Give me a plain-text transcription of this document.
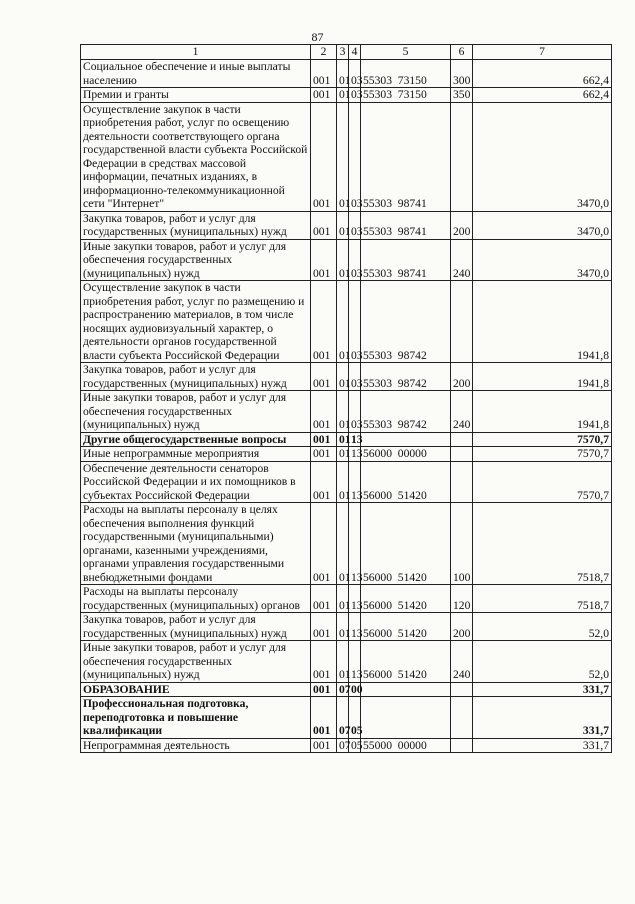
87
1	2	3	4	5	6	7
Социальное обеспечение и иные выплаты населению	001	01	03	55303  73150	300	662,4
Премии и гранты	001	01	03	55303  73150	350	662,4
Осуществление закупок в части приобретения работ, услуг по освещению деятельности соответствующего органа государственной власти субъекта Российской Федерации в средствах массовой информации, печатных изданиях, в информационно-телекоммуникационной сети "Интернет"	001	01	03	55303  98741		3470,0
Закупка товаров, работ и услуг для государственных (муниципальных) нужд	001	01	03	55303  98741	200	3470,0
Иные закупки товаров, работ и услуг для обеспечения государственных (муниципальных) нужд	001	01	03	55303  98741	240	3470,0
Осуществление закупок в части приобретения работ, услуг по размещению и распространению материалов, в том числе носящих аудиовизуальный характер, о деятельности органов государственной власти субъекта Российской Федерации	001	01	03	55303  98742		1941,8
Закупка товаров, работ и услуг для государственных (муниципальных) нужд	001	01	03	55303  98742	200	1941,8
Иные закупки товаров, работ и услуг для обеспечения государственных (муниципальных) нужд	001	01	03	55303  98742	240	1941,8
Другие общегосударственные вопросы	001	01	13			7570,7
Иные непрограммные мероприятия	001	01	13	56000  00000		7570,7
Обеспечение деятельности сенаторов Российской Федерации и их помощников в субъектах Российской Федерации	001	01	13	56000  51420		7570,7
Расходы на выплаты персоналу в целях обеспечения выполнения функций государственными (муниципальными) органами, казенными учреждениями, органами управления государственными внебюджетными фондами	001	01	13	56000  51420	100	7518,7
Расходы на выплаты персоналу государственных (муниципальных) органов	001	01	13	56000  51420	120	7518,7
Закупка товаров, работ и услуг для государственных (муниципальных) нужд	001	01	13	56000  51420	200	52,0
Иные закупки товаров, работ и услуг для обеспечения государственных (муниципальных) нужд	001	01	13	56000  51420	240	52,0
ОБРАЗОВАНИЕ	001	07	00			331,7
Профессиональная подготовка, переподготовка и повышение квалификации	001	07	05			331,7
Непрограммная деятельность	001	07	05	55000  00000		331,7
